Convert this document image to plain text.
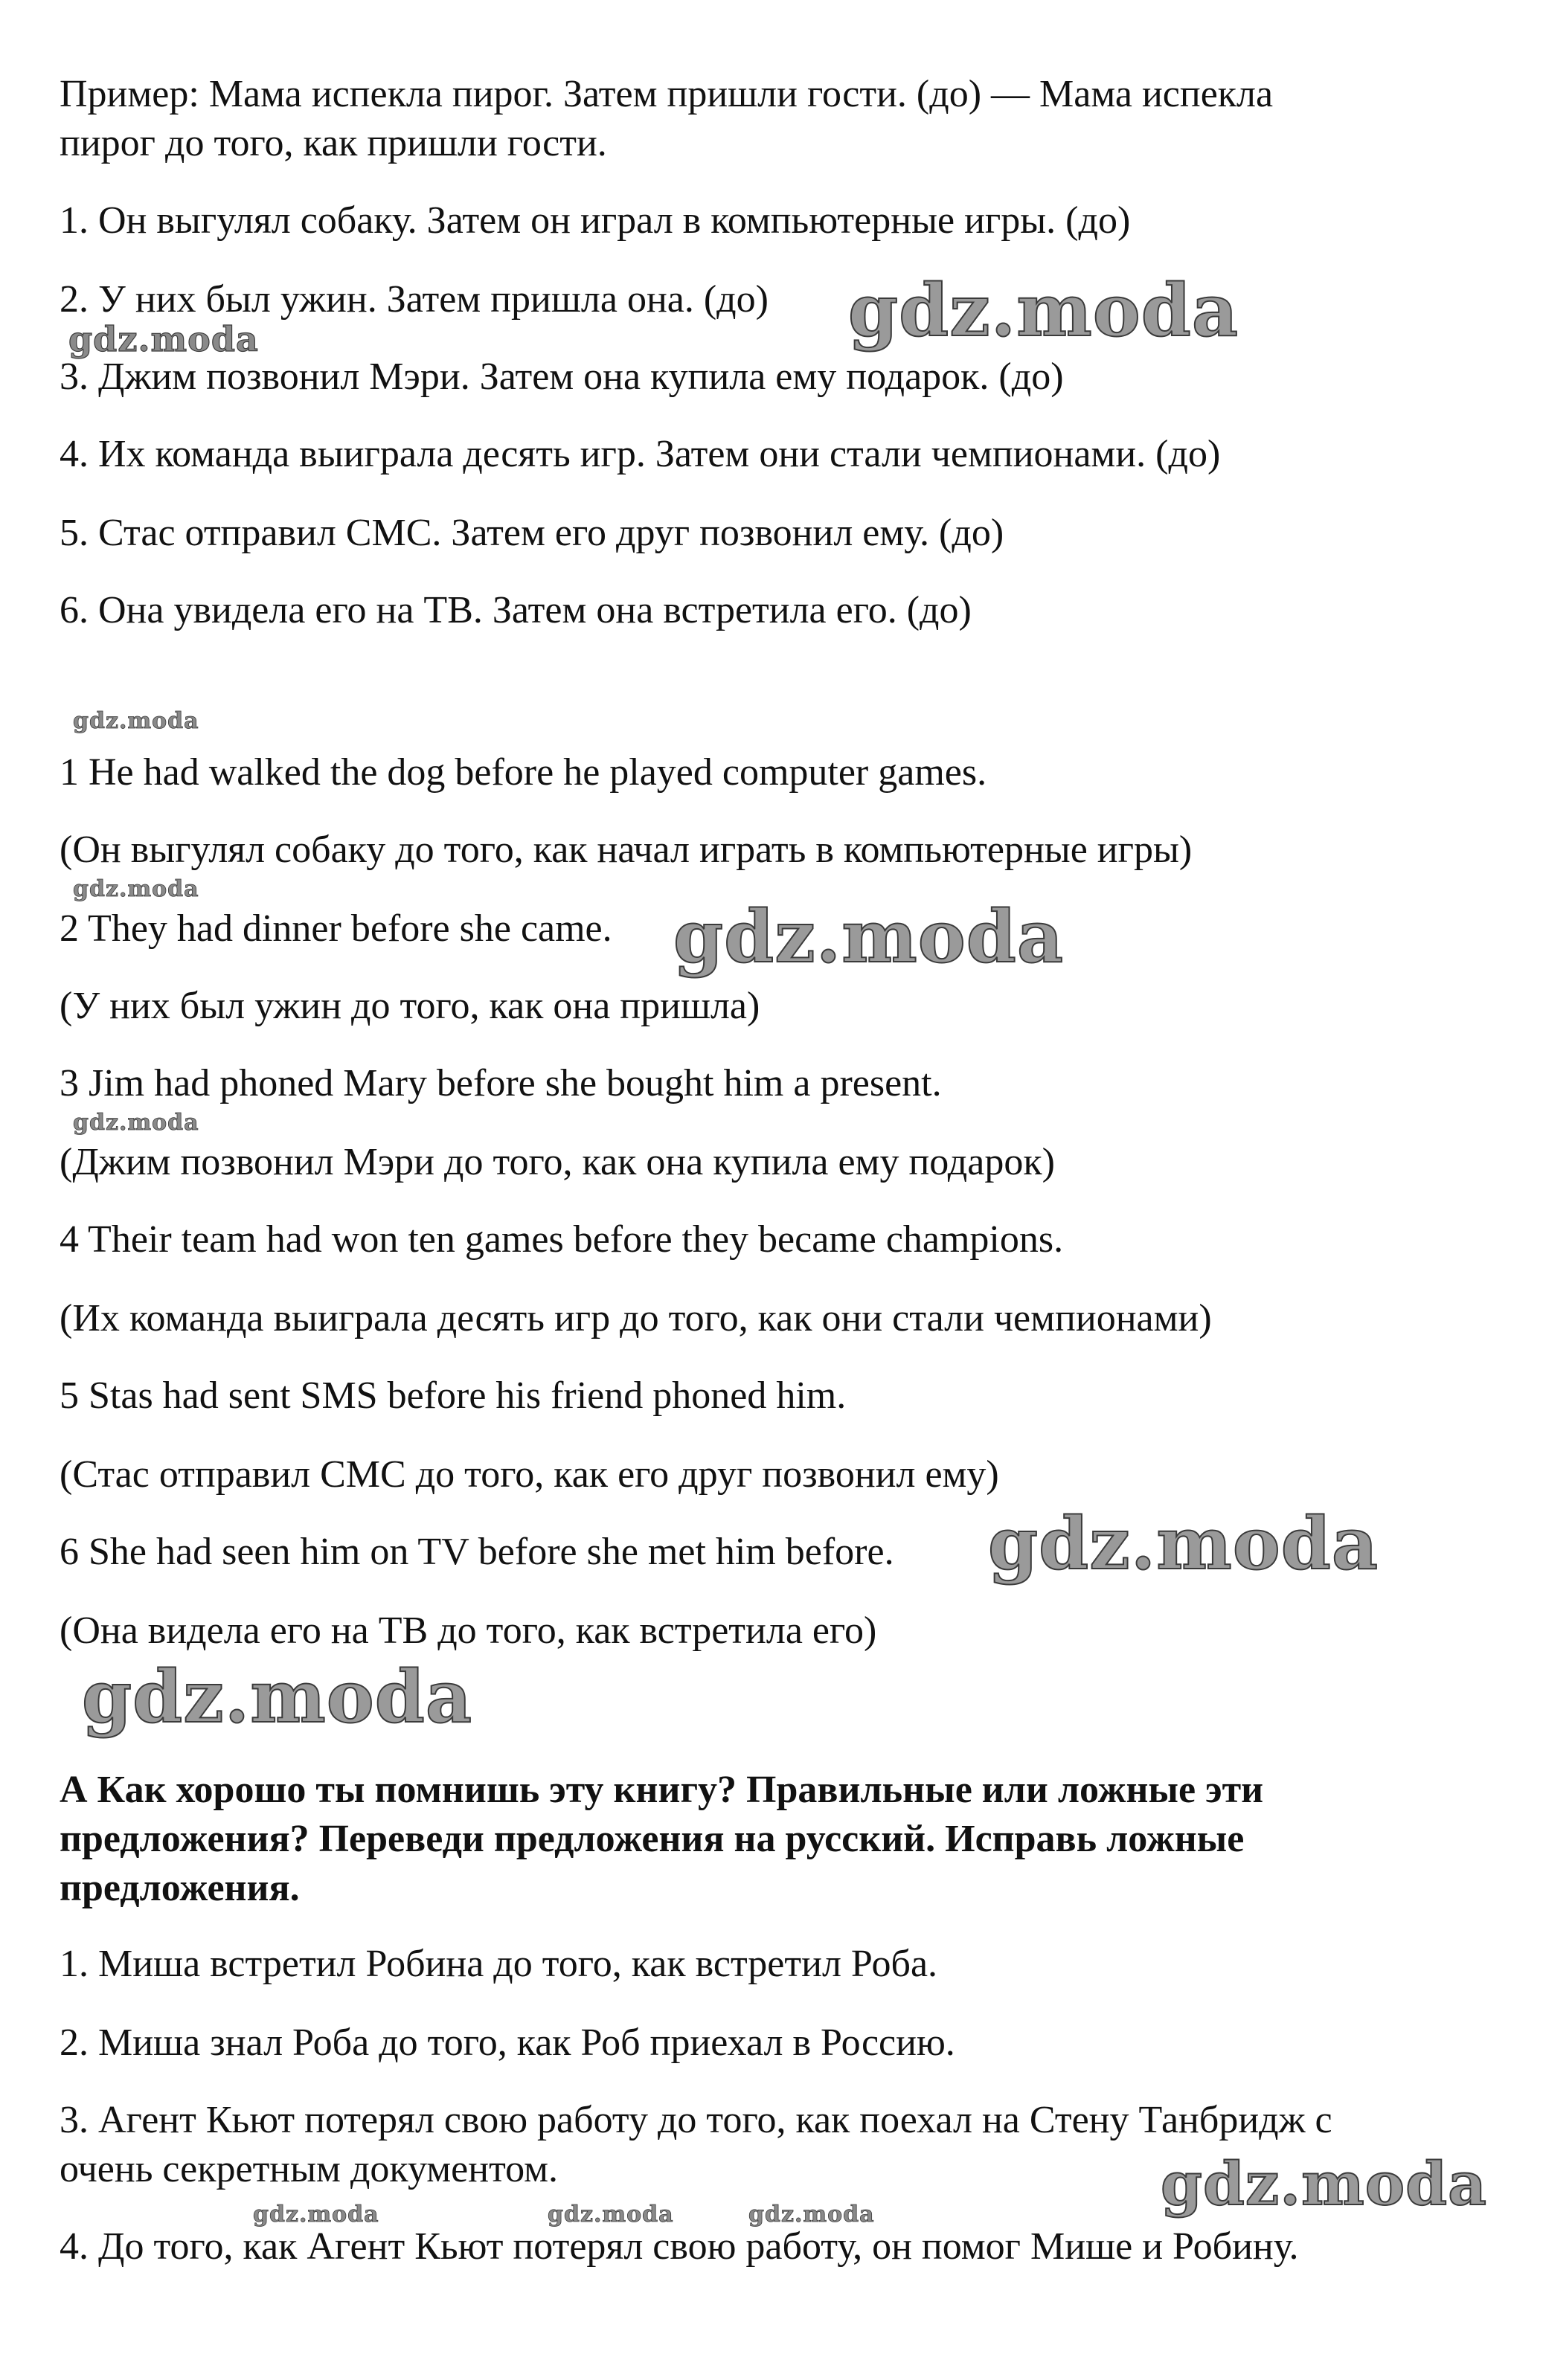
Пример: Мама испекла пирог. Затем пришли гости. (до) — Мама испекла
пирог до того, как пришли гости.
1. Он выгулял собаку. Затем он играл в компьютерные игры. (до)
2. У них был ужин. Затем пришла она. (до)
3. Джим позвонил Мэри. Затем она купила ему подарок. (до)
4. Их команда выиграла десять игр. Затем они стали чемпионами. (до)
5. Стас отправил СМС. Затем его друг позвонил ему. (до)
6. Она увидела его на ТВ. Затем она встретила его. (до)
1 He had walked the dog before he played computer games.
(Он выгулял собаку до того, как начал играть в компьютерные игры)
2 They had dinner before she came.
(У них был ужин до того, как она пришла)
3 Jim had phoned Mary before she bought him a present.
(Джим позвонил Мэри до того, как она купила ему подарок)
4 Their team had won ten games before they became champions.
(Их команда выиграла десять игр до того, как они стали чемпионами)
5 Stas had sent SMS before his friend phoned him.
(Стас отправил СМС до того, как его друг позвонил ему)
6 She had seen him on TV before she met him before.
(Она видела его на ТВ до того, как встретила его)
А Как хорошо ты помнишь эту книгу? Правильные или ложные эти
предложения? Переведи предложения на русский. Исправь ложные
предложения.
1. Миша встретил Робина до того, как встретил Роба.
2. Миша знал Роба до того, как Роб приехал в Россию.
3. Агент Кьют потерял свою работу до того, как поехал на Стену Танбридж с
очень секретным документом.
4. До того, как Агент Кьют потерял свою работу, он помог Мише и Робину.
gdz.moda
gdz.moda
gdz.moda
gdz.moda
gdz.moda
gdz.moda
gdz.moda
gdz.moda
gdz.moda
gdz.moda	gdz.moda	gdz.moda
